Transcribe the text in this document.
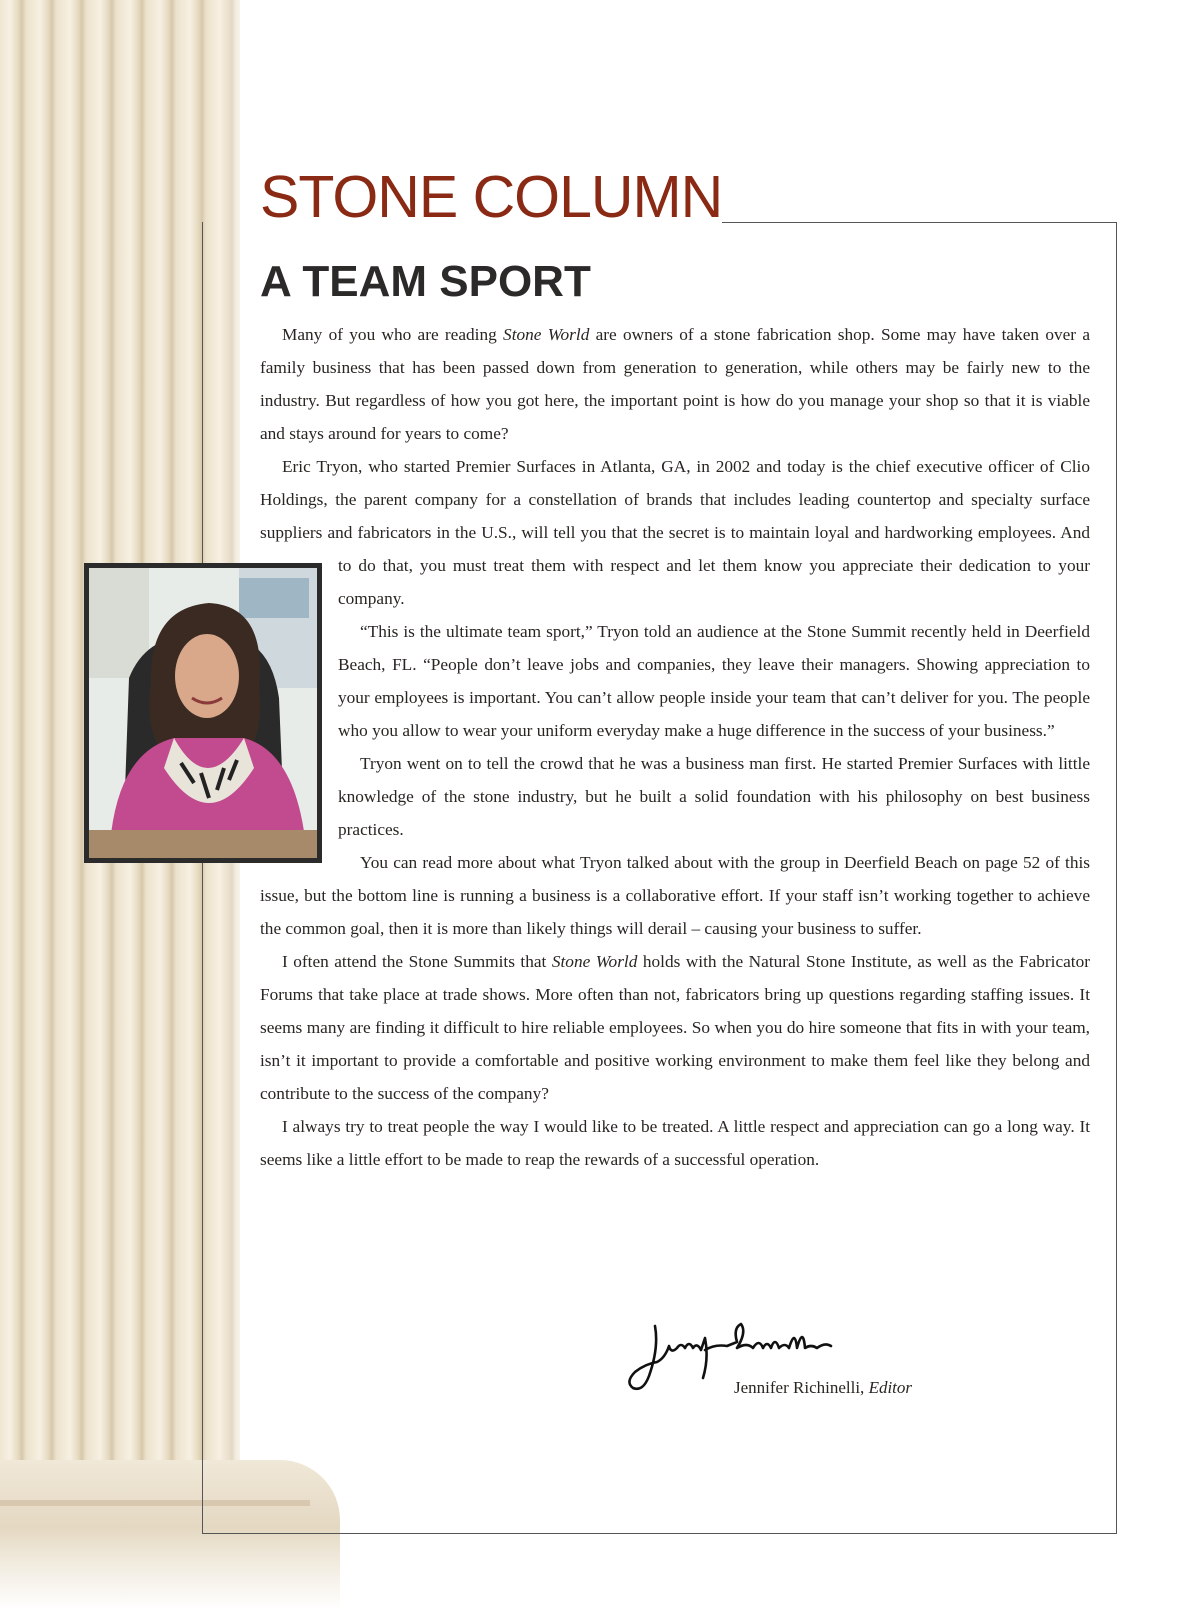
STONE COLUMN
A TEAM SPORT

Many of you who are reading Stone World are owners of a stone fabrication shop. Some may have taken over a family business that has been passed down from generation to generation, while others may be fairly new to the industry. But regardless of how you got here, the important point is how do you manage your shop so that it is viable and stays around for years to come?

Eric Tryon, who started Premier Surfaces in Atlanta, GA, in 2002 and today is the chief executive officer of Clio Holdings, the parent company for a constellation of brands that includes leading countertop and specialty surface suppliers and fabricators in the U.S., will tell you that the secret is to maintain loyal and hardworking employees. And to do that, you must treat them with respect and let them know you appreciate their dedication to your company.

“This is the ultimate team sport,” Tryon told an audience at the Stone Summit recently held in Deerfield Beach, FL. “People don’t leave jobs and companies, they leave their managers. Showing appreciation to your employees is important. You can’t allow people inside your team that can’t deliver for you. The people who you allow to wear your uniform everyday make a huge difference in the success of your business.”

Tryon went on to tell the crowd that he was a business man first. He started Premier Surfaces with little knowledge of the stone industry, but he built a solid foundation with his philosophy on best business practices.

You can read more about what Tryon talked about with the group in Deerfield Beach on page 52 of this issue, but the bottom line is running a business is a collaborative effort. If your staff isn’t working together to achieve the common goal, then it is more than likely things will derail – causing your business to suffer.

I often attend the Stone Summits that Stone World holds with the Natural Stone Institute, as well as the Fabricator Forums that take place at trade shows. More often than not, fabricators bring up questions regarding staffing issues. It seems many are finding it difficult to hire reliable employees. So when you do hire someone that fits in with your team, isn’t it important to provide a comfortable and positive working environment to make them feel like they belong and contribute to the success of the company?

I always try to treat people the way I would like to be treated. A little respect and appreciation can go a long way. It seems like a little effort to be made to reap the rewards of a successful operation.

Jennifer Richinelli, Editor
